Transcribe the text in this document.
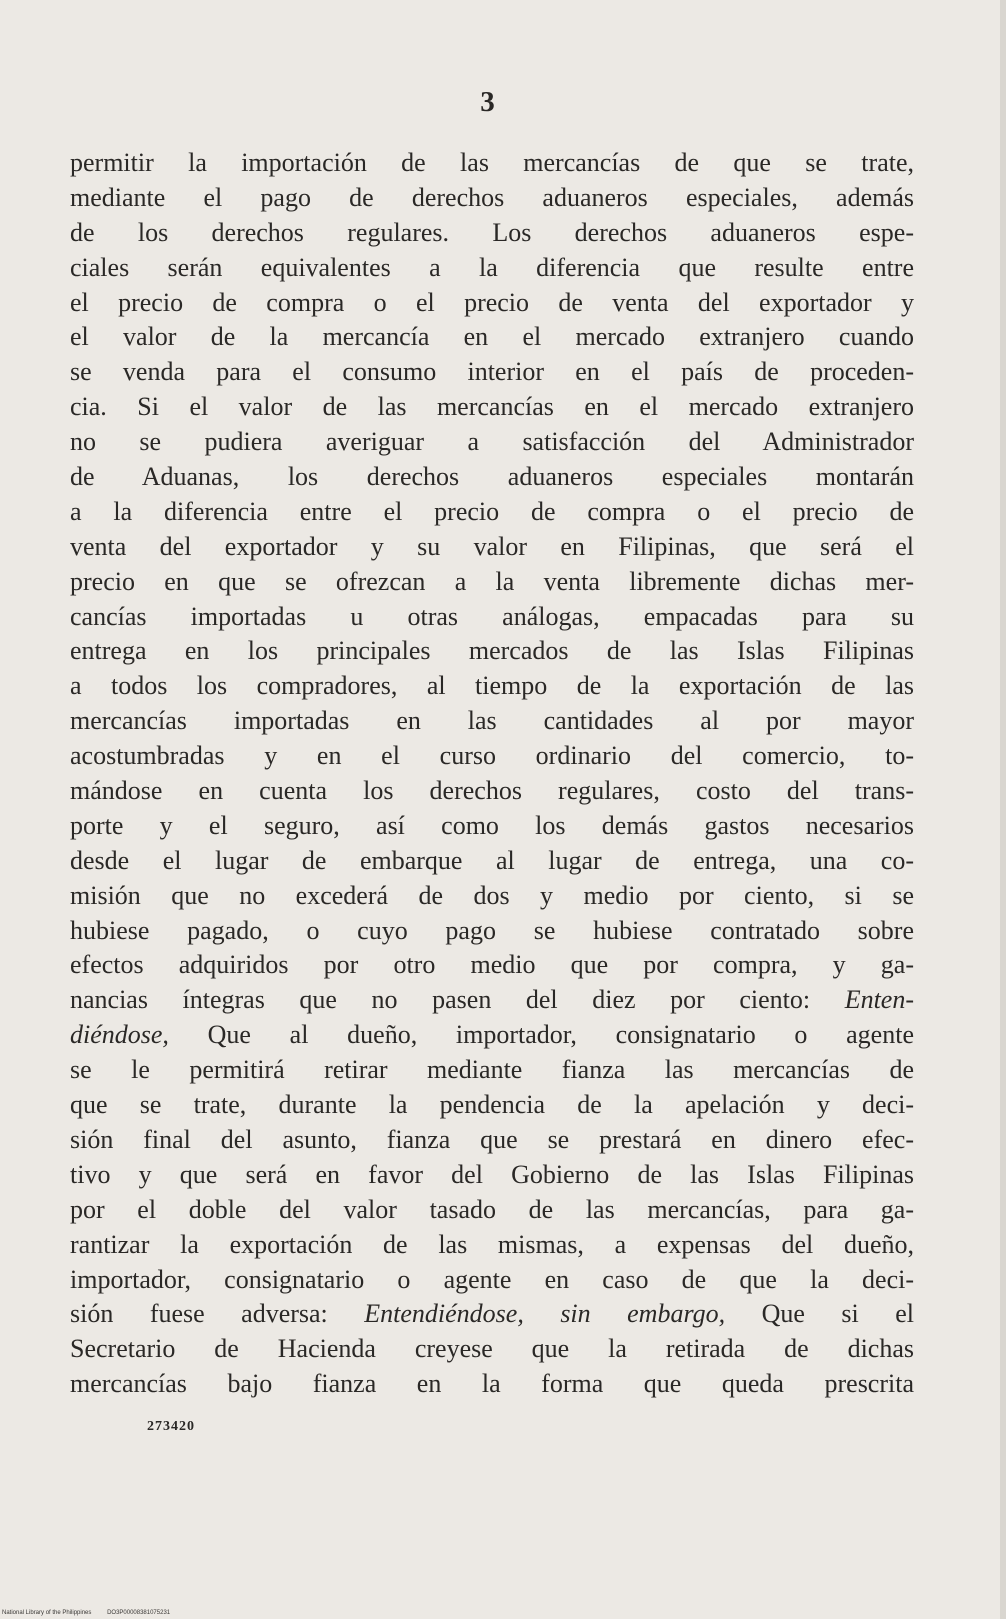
3
permitir la importación de las mercancías de que se trate,
mediante el pago de derechos aduaneros especiales, además
de los derechos regulares. Los derechos aduaneros espe-
ciales serán equivalentes a la diferencia que resulte entre
el precio de compra o el precio de venta del exportador y
el valor de la mercancía en el mercado extranjero cuando
se venda para el consumo interior en el país de proceden-
cia. Si el valor de las mercancías en el mercado extranjero
no se pudiera averiguar a satisfacción del Administrador
de Aduanas, los derechos aduaneros especiales montarán
a la diferencia entre el precio de compra o el precio de
venta del exportador y su valor en Filipinas, que será el
precio en que se ofrezcan a la venta libremente dichas mer-
cancías importadas u otras análogas, empacadas para su
entrega en los principales mercados de las Islas Filipinas
a todos los compradores, al tiempo de la exportación de las
mercancías importadas en las cantidades al por mayor
acostumbradas y en el curso ordinario del comercio, to-
mándose en cuenta los derechos regulares, costo del trans-
porte y el seguro, así como los demás gastos necesarios
desde el lugar de embarque al lugar de entrega, una co-
misión que no excederá de dos y medio por ciento, si se
hubiese pagado, o cuyo pago se hubiese contratado sobre
efectos adquiridos por otro medio que por compra, y ga-
nancias íntegras que no pasen del diez por ciento: Enten-
diéndose, Que al dueño, importador, consignatario o agente
se le permitirá retirar mediante fianza las mercancías de
que se trate, durante la pendencia de la apelación y deci-
sión final del asunto, fianza que se prestará en dinero efec-
tivo y que será en favor del Gobierno de las Islas Filipinas
por el doble del valor tasado de las mercancías, para ga-
rantizar la exportación de las mismas, a expensas del dueño,
importador, consignatario o agente en caso de que la deci-
sión fuese adversa: Entendiéndose, sin embargo, Que si el
Secretario de Hacienda creyese que la retirada de dichas
mercancías bajo fianza en la forma que queda prescrita
273420
National Library of the Philippines	DO3P00008381075231
